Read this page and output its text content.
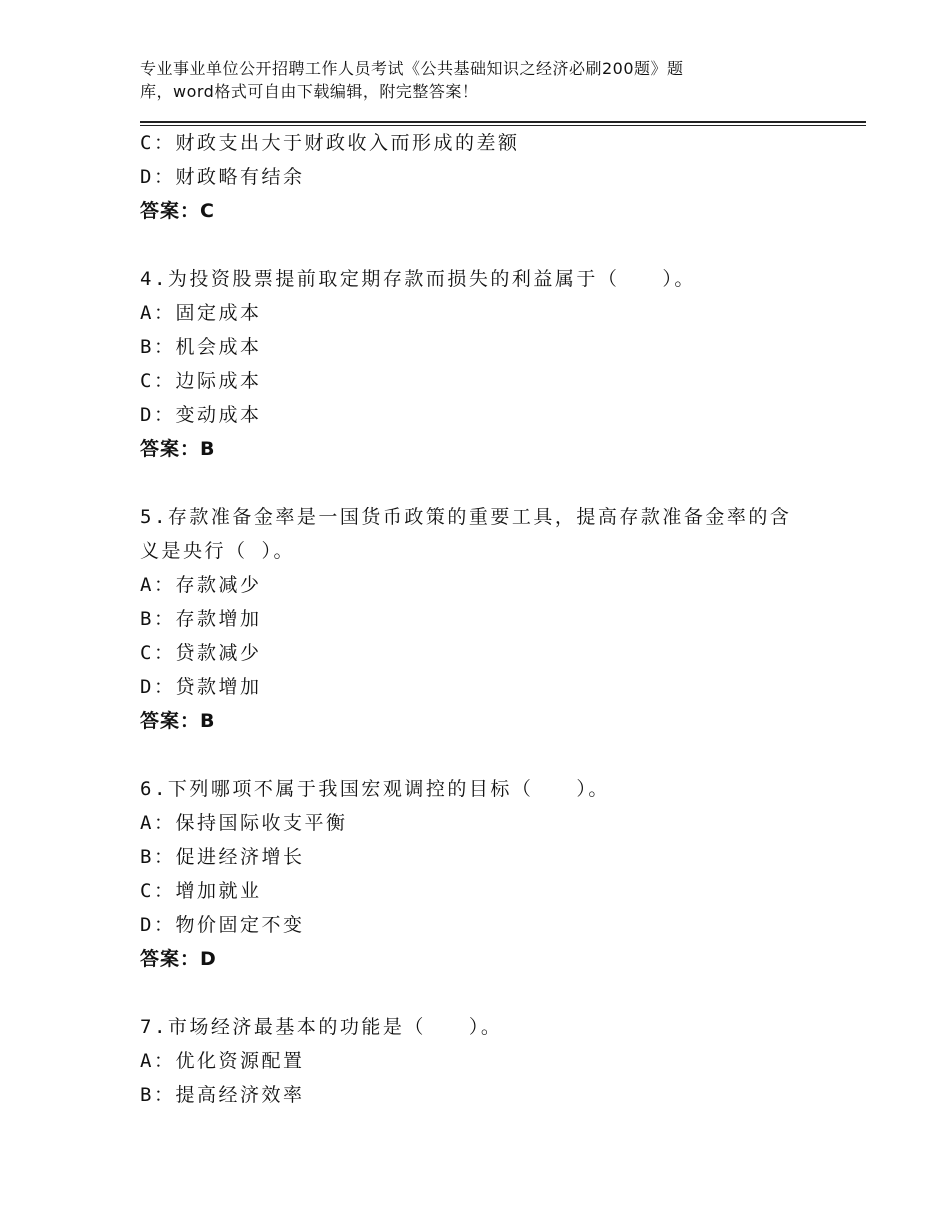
专业事业单位公开招聘工作人员考试《公共基础知识之经济必刷200题》题
库，word格式可自由下载编辑，附完整答案！
C：财政支出大于财政收入而形成的差额
D：财政略有结余
答案：C
4.为投资股票提前取定期存款而损失的利益属于（　　）。
A：固定成本
B：机会成本
C：边际成本
D：变动成本
答案：B
5.存款准备金率是一国货币政策的重要工具，提高存款准备金率的含
义是央行（ ）。
A：存款减少
B：存款增加
C：贷款减少
D：贷款增加
答案：B
6.下列哪项不属于我国宏观调控的目标（　　）。
A：保持国际收支平衡
B：促进经济增长
C：增加就业
D：物价固定不变
答案：D
7.市场经济最基本的功能是（　　）。
A：优化资源配置
B：提高经济效率
